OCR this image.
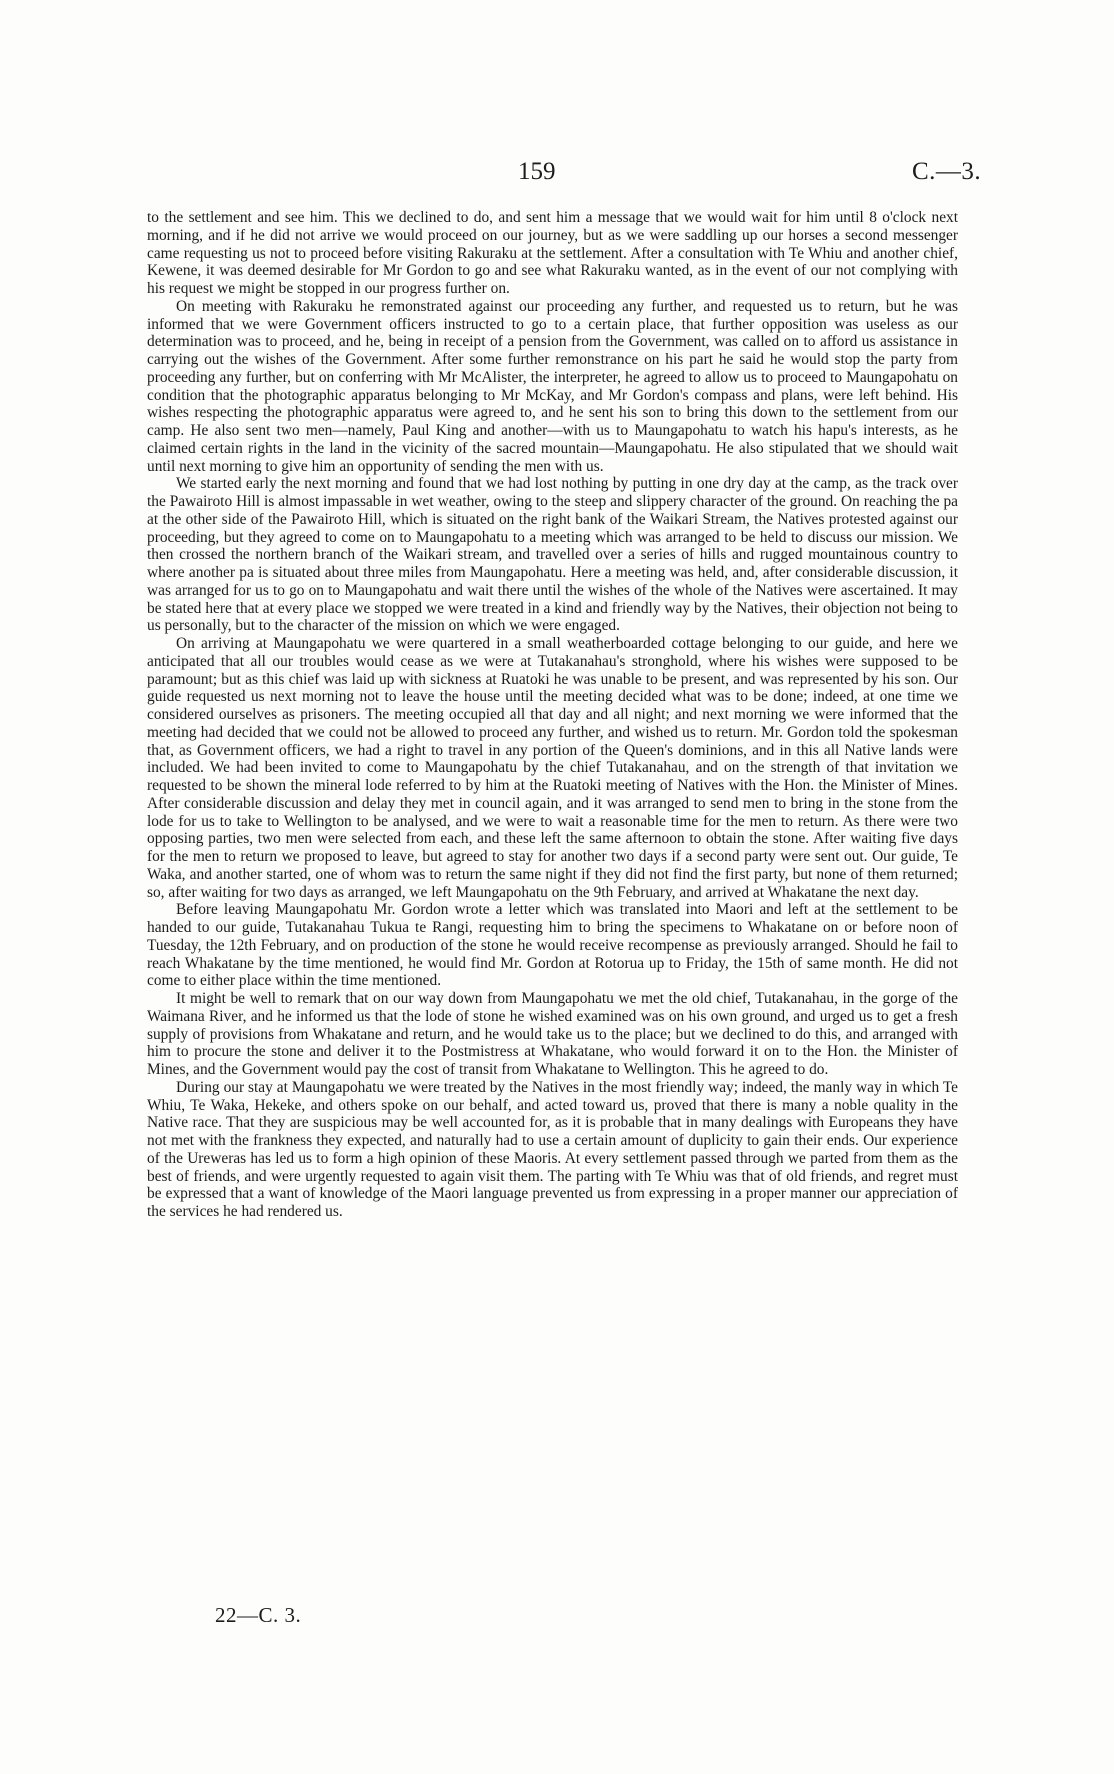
159	C.—3.

to the settlement and see him. This we declined to do, and sent him a message that we would wait for him until 8 o'clock next morning, and if he did not arrive we would proceed on our journey, but as we were saddling up our horses a second messenger came requesting us not to proceed before visiting Rakuraku at the settlement. After a consultation with Te Whiu and another chief, Kewene, it was deemed desirable for Mr Gordon to go and see what Rakuraku wanted, as in the event of our not complying with his request we might be stopped in our progress further on.

On meeting with Rakuraku he remonstrated against our proceeding any further, and requested us to return, but he was informed that we were Government officers instructed to go to a certain place, that further opposition was useless as our determination was to proceed, and he, being in receipt of a pension from the Government, was called on to afford us assistance in carrying out the wishes of the Government. After some further remonstrance on his part he said he would stop the party from proceeding any further, but on conferring with Mr McAlister, the interpreter, he agreed to allow us to proceed to Maungapohatu on condition that the photographic apparatus belonging to Mr McKay, and Mr Gordon's compass and plans, were left behind. His wishes respecting the photographic apparatus were agreed to, and he sent his son to bring this down to the settlement from our camp. He also sent two men—namely, Paul King and another—with us to Maungapohatu to watch his hapu's interests, as he claimed certain rights in the land in the vicinity of the sacred mountain—Maungapohatu. He also stipulated that we should wait until next morning to give him an opportunity of sending the men with us.

We started early the next morning and found that we had lost nothing by putting in one dry day at the camp, as the track over the Pawairoto Hill is almost impassable in wet weather, owing to the steep and slippery character of the ground. On reaching the pa at the other side of the Pawairoto Hill, which is situated on the right bank of the Waikari Stream, the Natives protested against our proceeding, but they agreed to come on to Maungapohatu to a meeting which was arranged to be held to discuss our mission. We then crossed the northern branch of the Waikari stream, and travelled over a series of hills and rugged mountainous country to where another pa is situated about three miles from Maungapohatu. Here a meeting was held, and, after considerable discussion, it was arranged for us to go on to Maungapohatu and wait there until the wishes of the whole of the Natives were ascertained. It may be stated here that at every place we stopped we were treated in a kind and friendly way by the Natives, their objection not being to us personally, but to the character of the mission on which we were engaged.

On arriving at Maungapohatu we were quartered in a small weatherboarded cottage belonging to our guide, and here we anticipated that all our troubles would cease as we were at Tutakanahau's stronghold, where his wishes were supposed to be paramount; but as this chief was laid up with sickness at Ruatoki he was unable to be present, and was represented by his son. Our guide requested us next morning not to leave the house until the meeting decided what was to be done; indeed, at one time we considered ourselves as prisoners. The meeting occupied all that day and all night; and next morning we were informed that the meeting had decided that we could not be allowed to proceed any further, and wished us to return. Mr. Gordon told the spokesman that, as Government officers, we had a right to travel in any portion of the Queen's dominions, and in this all Native lands were included. We had been invited to come to Maungapohatu by the chief Tutakanahau, and on the strength of that invitation we requested to be shown the mineral lode referred to by him at the Ruatoki meeting of Natives with the Hon. the Minister of Mines. After considerable discussion and delay they met in council again, and it was arranged to send men to bring in the stone from the lode for us to take to Wellington to be analysed, and we were to wait a reasonable time for the men to return. As there were two opposing parties, two men were selected from each, and these left the same afternoon to obtain the stone. After waiting five days for the men to return we proposed to leave, but agreed to stay for another two days if a second party were sent out. Our guide, Te Waka, and another started, one of whom was to return the same night if they did not find the first party, but none of them returned; so, after waiting for two days as arranged, we left Maungapohatu on the 9th February, and arrived at Whakatane the next day.

Before leaving Maungapohatu Mr. Gordon wrote a letter which was translated into Maori and left at the settlement to be handed to our guide, Tutakanahau Tukua te Rangi, requesting him to bring the specimens to Whakatane on or before noon of Tuesday, the 12th February, and on production of the stone he would receive recompense as previously arranged. Should he fail to reach Whakatane by the time mentioned, he would find Mr. Gordon at Rotorua up to Friday, the 15th of same month. He did not come to either place within the time mentioned.

It might be well to remark that on our way down from Maungapohatu we met the old chief, Tutakanahau, in the gorge of the Waimana River, and he informed us that the lode of stone he wished examined was on his own ground, and urged us to get a fresh supply of provisions from Whakatane and return, and he would take us to the place; but we declined to do this, and arranged with him to procure the stone and deliver it to the Postmistress at Whakatane, who would forward it on to the Hon. the Minister of Mines, and the Government would pay the cost of transit from Whakatane to Wellington. This he agreed to do.

During our stay at Maungapohatu we were treated by the Natives in the most friendly way; indeed, the manly way in which Te Whiu, Te Waka, Hekeke, and others spoke on our behalf, and acted toward us, proved that there is many a noble quality in the Native race. That they are suspicious may be well accounted for, as it is probable that in many dealings with Europeans they have not met with the frankness they expected, and naturally had to use a certain amount of duplicity to gain their ends. Our experience of the Ureweras has led us to form a high opinion of these Maoris. At every settlement passed through we parted from them as the best of friends, and were urgently requested to again visit them. The parting with Te Whiu was that of old friends, and regret must be expressed that a want of knowledge of the Maori language prevented us from expressing in a proper manner our appreciation of the services he had rendered us.

22—C. 3.
